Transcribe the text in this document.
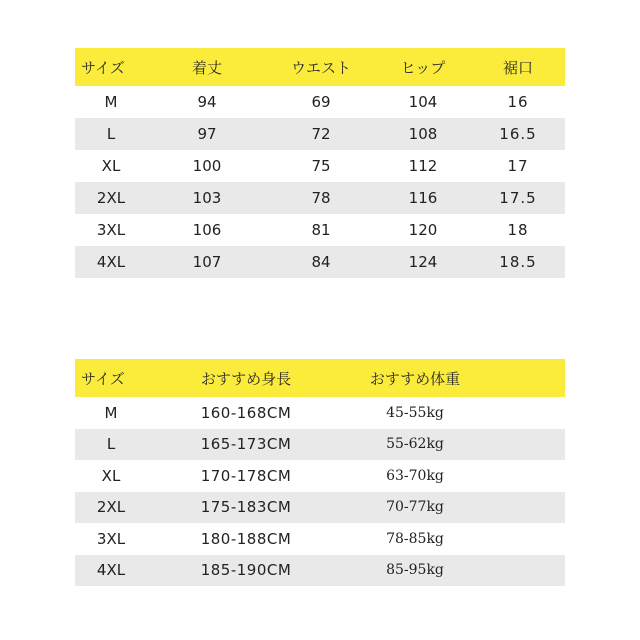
サイズ	着丈	ウエスト	ヒップ	裾口
M	94	69	104	16
L	97	72	108	16.5
XL	100	75	112	17
2XL	103	78	116	17.5
3XL	106	81	120	18
4XL	107	84	124	18.5
サイズ	おすすめ身長	おすすめ体重
M	160-168CM	45-55kg
L	165-173CM	55-62kg
XL	170-178CM	63-70kg
2XL	175-183CM	70-77kg
3XL	180-188CM	78-85kg
4XL	185-190CM	85-95kg
